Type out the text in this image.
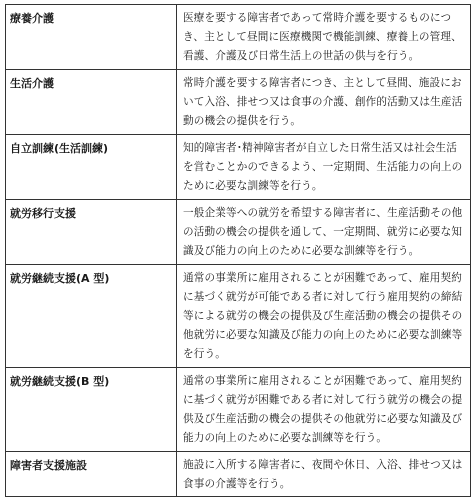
療養介護	医療を要する障害者であって常時介護を要するものにつき、主として昼間に医療機関で機能訓練、療養上の管理、看護、介護及び日常生活上の世話の供与を行う。
生活介護	常時介護を要する障害者につき、主として昼間、施設において入浴、排せつ又は食事の介護、創作的活動又は生産活動の機会の提供を行う。
自立訓練(生活訓練)	知的障害者･精神障害者が自立した日常生活又は社会生活を営むことかのできるよう、一定期間、生活能力の向上のために必要な訓練等を行う。
就労移行支援	一般企業等への就労を希望する障害者に、生産活動その他の活動の機会の提供を通して、一定期間、就労に必要な知識及び能力の向上のために必要な訓練等を行う。
就労継続支援(A 型)	通常の事業所に雇用されることが困難であって、雇用契約に基づく就労が可能である者に対して行う雇用契約の締結等による就労の機会の提供及び生産活動の機会の提供その他就労に必要な知識及び能力の向上のために必要な訓練等を行う。
就労継続支援(B 型)	通常の事業所に雇用されることが困難であって、雇用契約に基づく就労が困難である者に対して行う就労の機会の提供及び生産活動の機会の提供その他就労に必要な知識及び能力の向上のために必要な訓練等を行う。
障害者支援施設	施設に入所する障害者に、夜間や休日、入浴、排せつ又は食事の介護等を行う。
